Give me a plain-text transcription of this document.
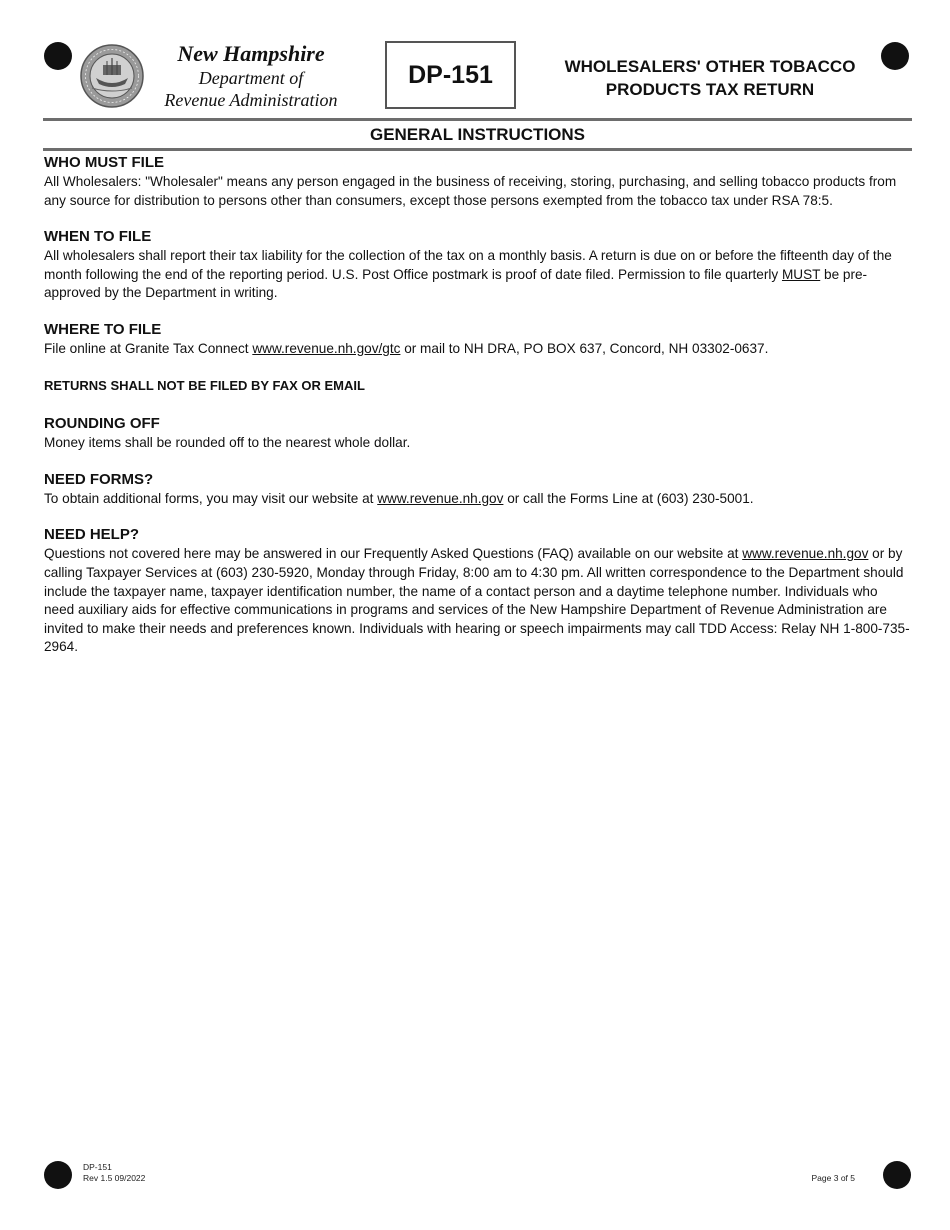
New Hampshire
Department of
Revenue Administration
DP-151	WHOLESALERS' OTHER TOBACCO
PRODUCTS TAX RETURN
GENERAL INSTRUCTIONS
WHO MUST FILE

All Wholesalers: "Wholesaler" means any person engaged in the business of receiving, storing, purchasing, and selling tobacco products from any source for distribution to persons other than consumers, except those persons exempted from the tobacco tax under RSA 78:5.

WHEN TO FILE

All wholesalers shall report their tax liability for the collection of the tax on a monthly basis. A return is due on or before the fifteenth day of the month following the end of the reporting period. U.S. Post Office postmark is proof of date filed. Permission to file quarterly MUST be pre-approved by the Department in writing.

WHERE TO FILE

File online at Granite Tax Connect www.revenue.nh.gov/gtc or mail to NH DRA, PO BOX 637, Concord, NH 03302-0637.

RETURNS SHALL NOT BE FILED BY FAX OR EMAIL

ROUNDING OFF

Money items shall be rounded off to the nearest whole dollar.

NEED FORMS?

To obtain additional forms, you may visit our website at www.revenue.nh.gov or call the Forms Line at (603) 230-5001.

NEED HELP?

Questions not covered here may be answered in our Frequently Asked Questions (FAQ) available on our website at www.revenue.nh.gov or by calling Taxpayer Services at (603) 230-5920, Monday through Friday, 8:00 am to 4:30 pm. All written correspondence to the Department should include the taxpayer name, taxpayer identification number, the name of a contact person and a daytime telephone number. Individuals who need auxiliary aids for effective communications in programs and services of the New Hampshire Department of Revenue Administration are invited to make their needs and preferences known. Individuals with hearing or speech impairments may call TDD Access: Relay NH 1-800-735- 2964.

DP-151
Rev 1.5 09/2022	Page 3 of 5
